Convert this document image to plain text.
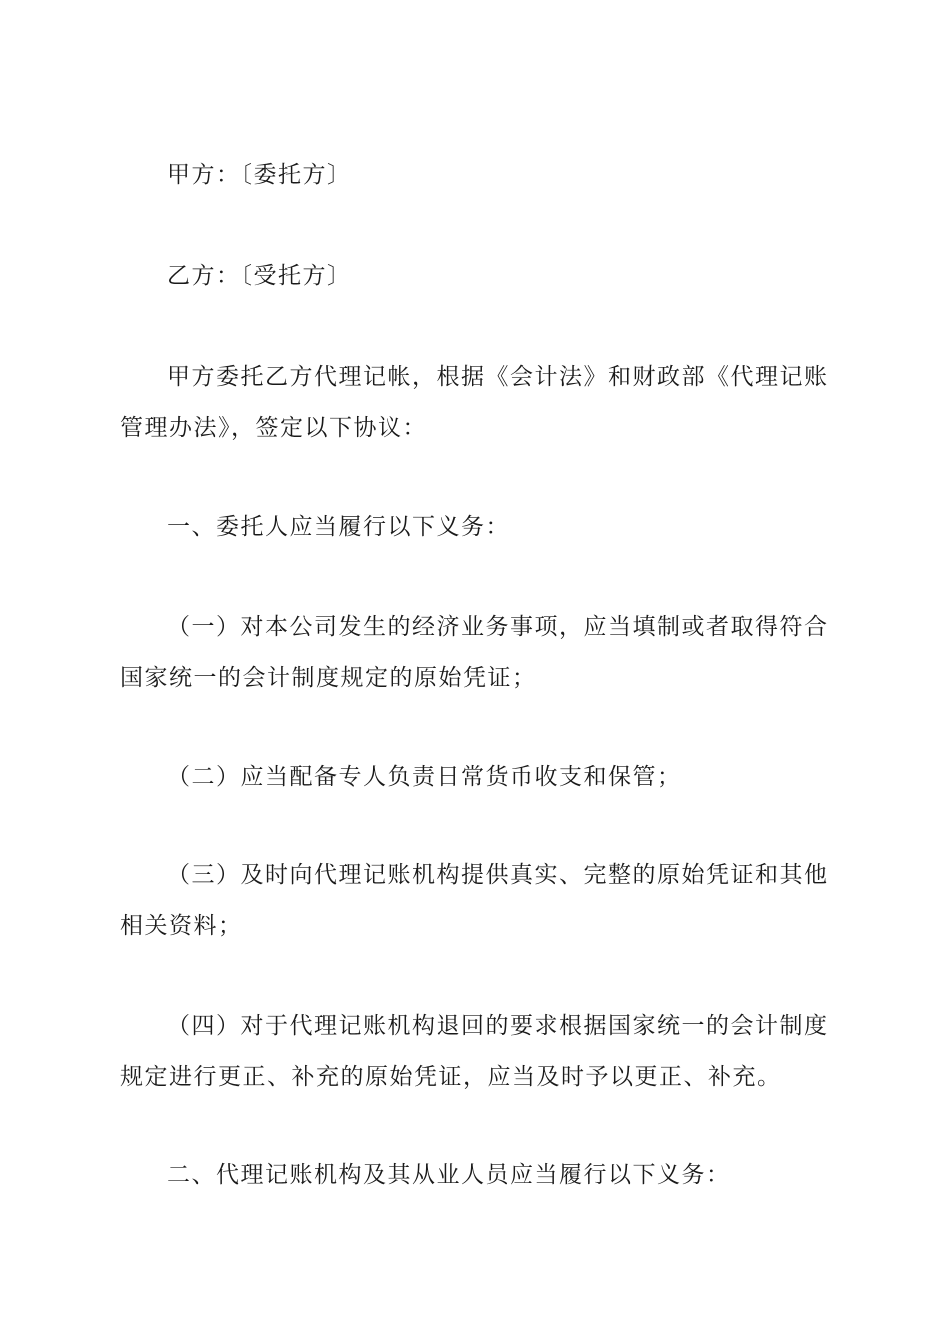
甲方：〔委托方〕

乙方：〔受托方〕

甲方委托乙方代理记帐，根据《会计法》和财政部《代理记账管理办法》，签定以下协议：

一、委托人应当履行以下义务：

（一）对本公司发生的经济业务事项，应当填制或者取得符合国家统一的会计制度规定的原始凭证；

（二）应当配备专人负责日常货币收支和保管；

（三）及时向代理记账机构提供真实、完整的原始凭证和其他相关资料；

（四）对于代理记账机构退回的要求根据国家统一的会计制度规定进行更正、补充的原始凭证，应当及时予以更正、补充。

二、代理记账机构及其从业人员应当履行以下义务：
